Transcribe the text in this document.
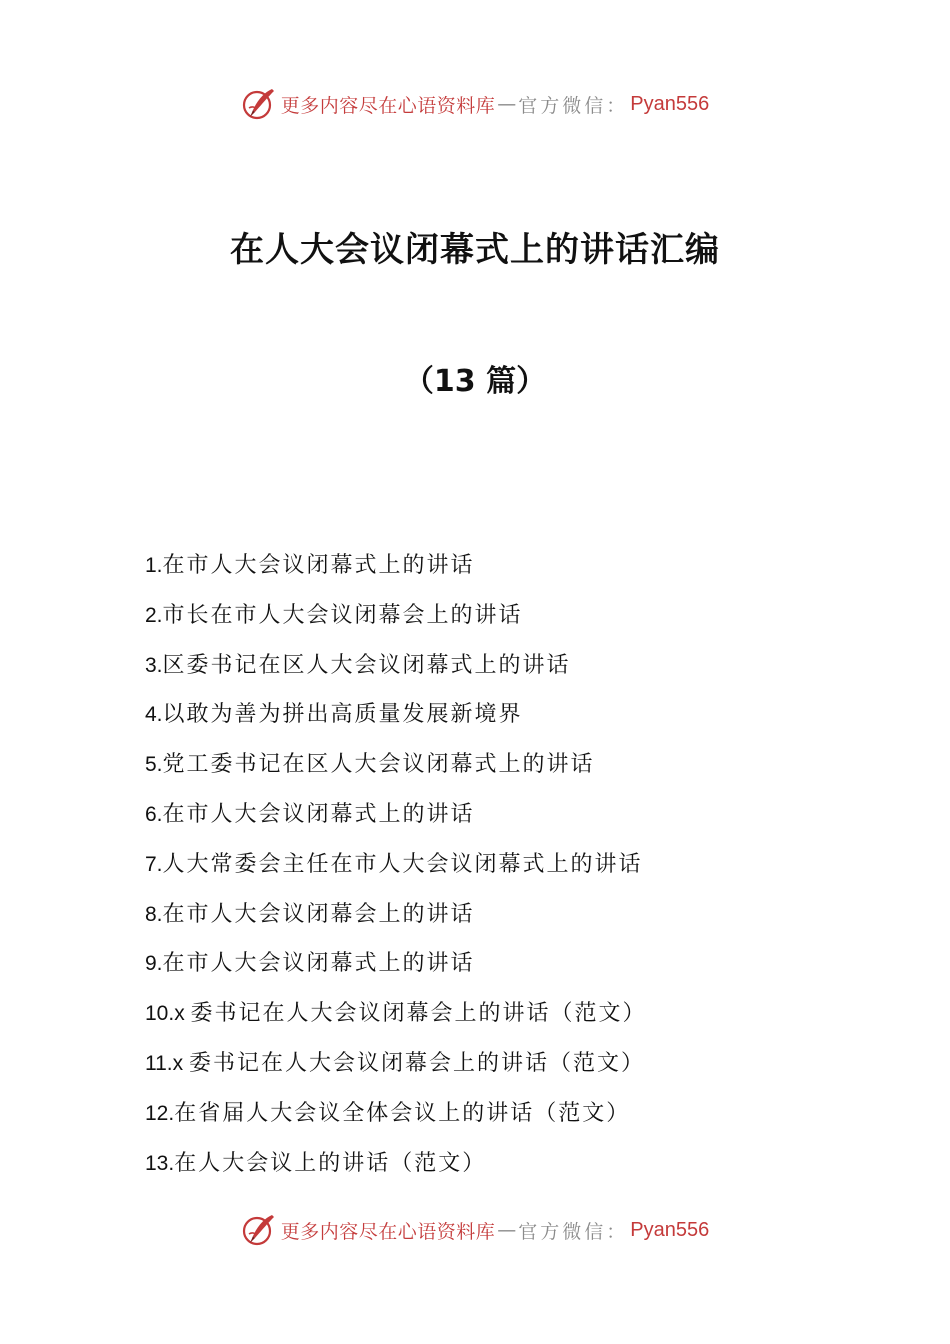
更多内容尽在心语资料库 — 官方微信： Pyan556
在人大会议闭幕式上的讲话汇编
（13 篇）
1.在市人大会议闭幕式上的讲话
2.市长在市人大会议闭幕会上的讲话
3.区委书记在区人大会议闭幕式上的讲话
4.以敢为善为拼出高质量发展新境界
5.党工委书记在区人大会议闭幕式上的讲话
6.在市人大会议闭幕式上的讲话
7.人大常委会主任在市人大会议闭幕式上的讲话
8.在市人大会议闭幕会上的讲话
9.在市人大会议闭幕式上的讲话
10.x 委书记在人大会议闭幕会上的讲话（范文）
11.x 委书记在人大会议闭幕会上的讲话（范文）
12.在省届人大会议全体会议上的讲话（范文）
13.在人大会议上的讲话（范文）
更多内容尽在心语资料库 — 官方微信： Pyan556
